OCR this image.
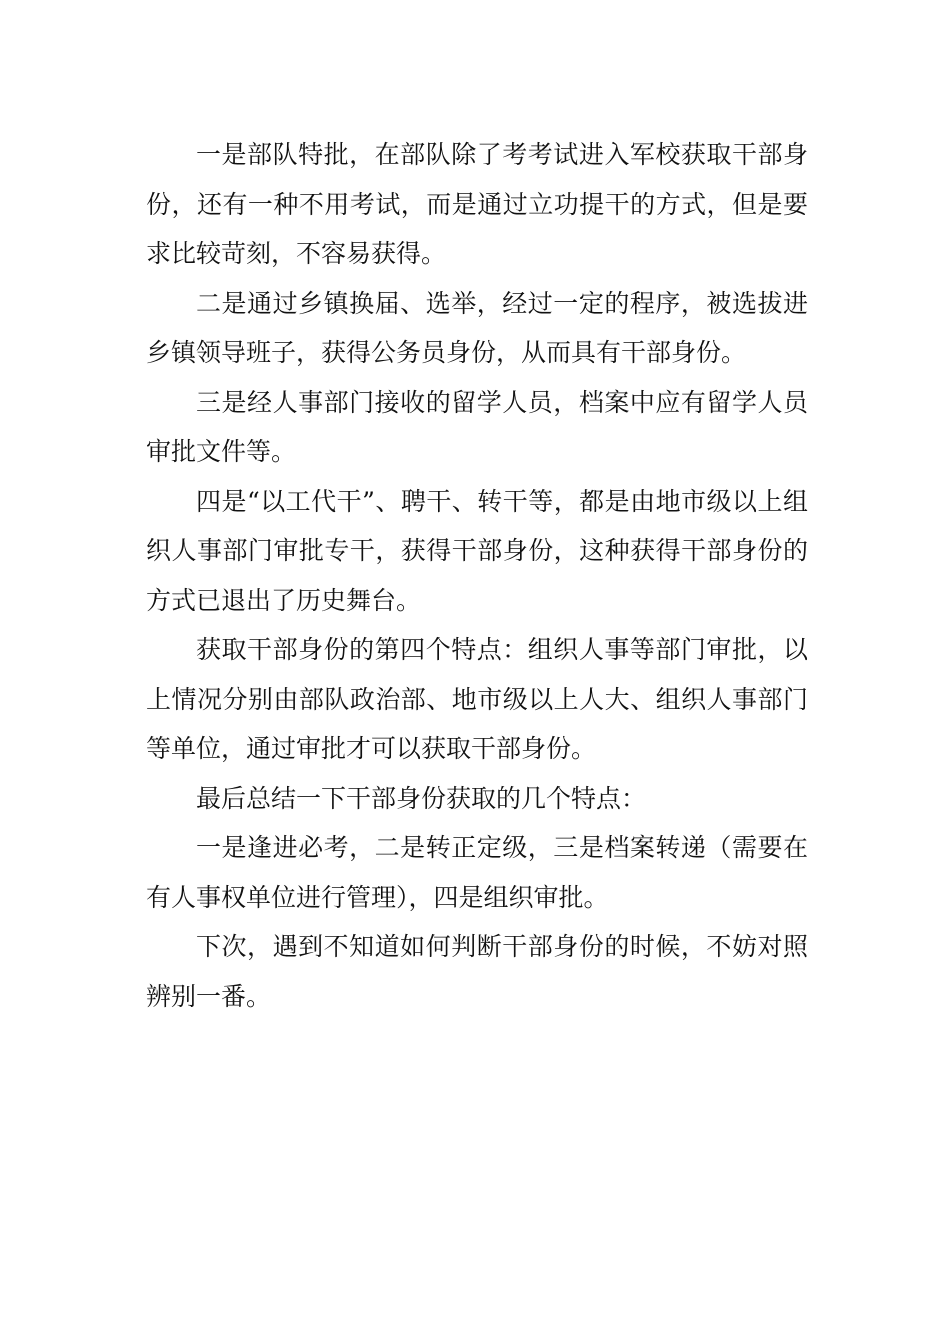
一是部队特批，在部队除了考考试进入军校获取干部身份，还有一种不用考试，而是通过立功提干的方式，但是要求比较苛刻，不容易获得。

二是通过乡镇换届、选举，经过一定的程序，被选拔进乡镇领导班子，获得公务员身份，从而具有干部身份。

三是经人事部门接收的留学人员，档案中应有留学人员审批文件等。

四是“以工代干”、聘干、转干等，都是由地市级以上组织人事部门审批专干，获得干部身份，这种获得干部身份的方式已退出了历史舞台。

获取干部身份的第四个特点：组织人事等部门审批，以上情况分别由部队政治部、地市级以上人大、组织人事部门等单位，通过审批才可以获取干部身份。

最后总结一下干部身份获取的几个特点：

一是逢进必考，二是转正定级，三是档案转递（需要在有人事权单位进行管理），四是组织审批。

下次，遇到不知道如何判断干部身份的时候，不妨对照辨别一番。
